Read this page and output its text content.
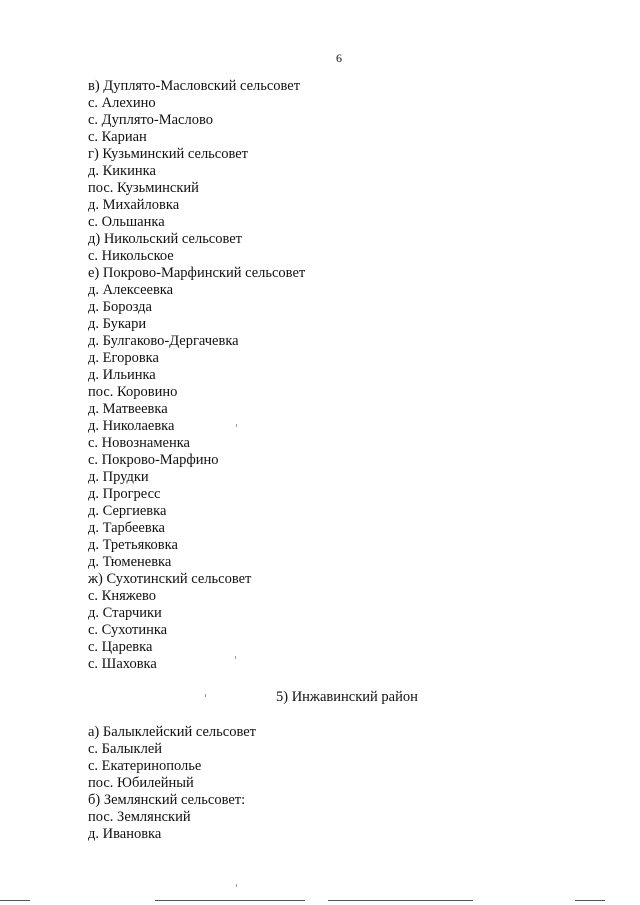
6
в) Дуплято-Масловский сельсовет
с. Алехино
с. Дуплято-Маслово
с. Кариан
г) Кузьминский сельсовет
д. Кикинка
пос. Кузьминский
д. Михайловка
с. Ольшанка
д) Никольский сельсовет
с. Никольское
е) Покрово-Марфинский сельсовет
д. Алексеевка
д. Борозда
д. Букари
д. Булгаково-Дергачевка
д. Егоровка
д. Ильинка
пос. Коровино
д. Матвеевка
д. Николаевка
с. Новознаменка
с. Покрово-Марфино
д. Прудки
д. Прогресс
д. Сергиевка
д. Тарбеевка
д. Третьяковка
д. Тюменевка
ж) Сухотинский сельсовет
с. Княжево
д. Старчики
с. Сухотинка
с. Царевка
с. Шаховка
5) Инжавинский район
а) Балыклейский сельсовет
с. Балыклей
с. Екатеринополье
пос. Юбилейный
б) Землянский сельсовет:
пос. Землянский
д. Ивановка
